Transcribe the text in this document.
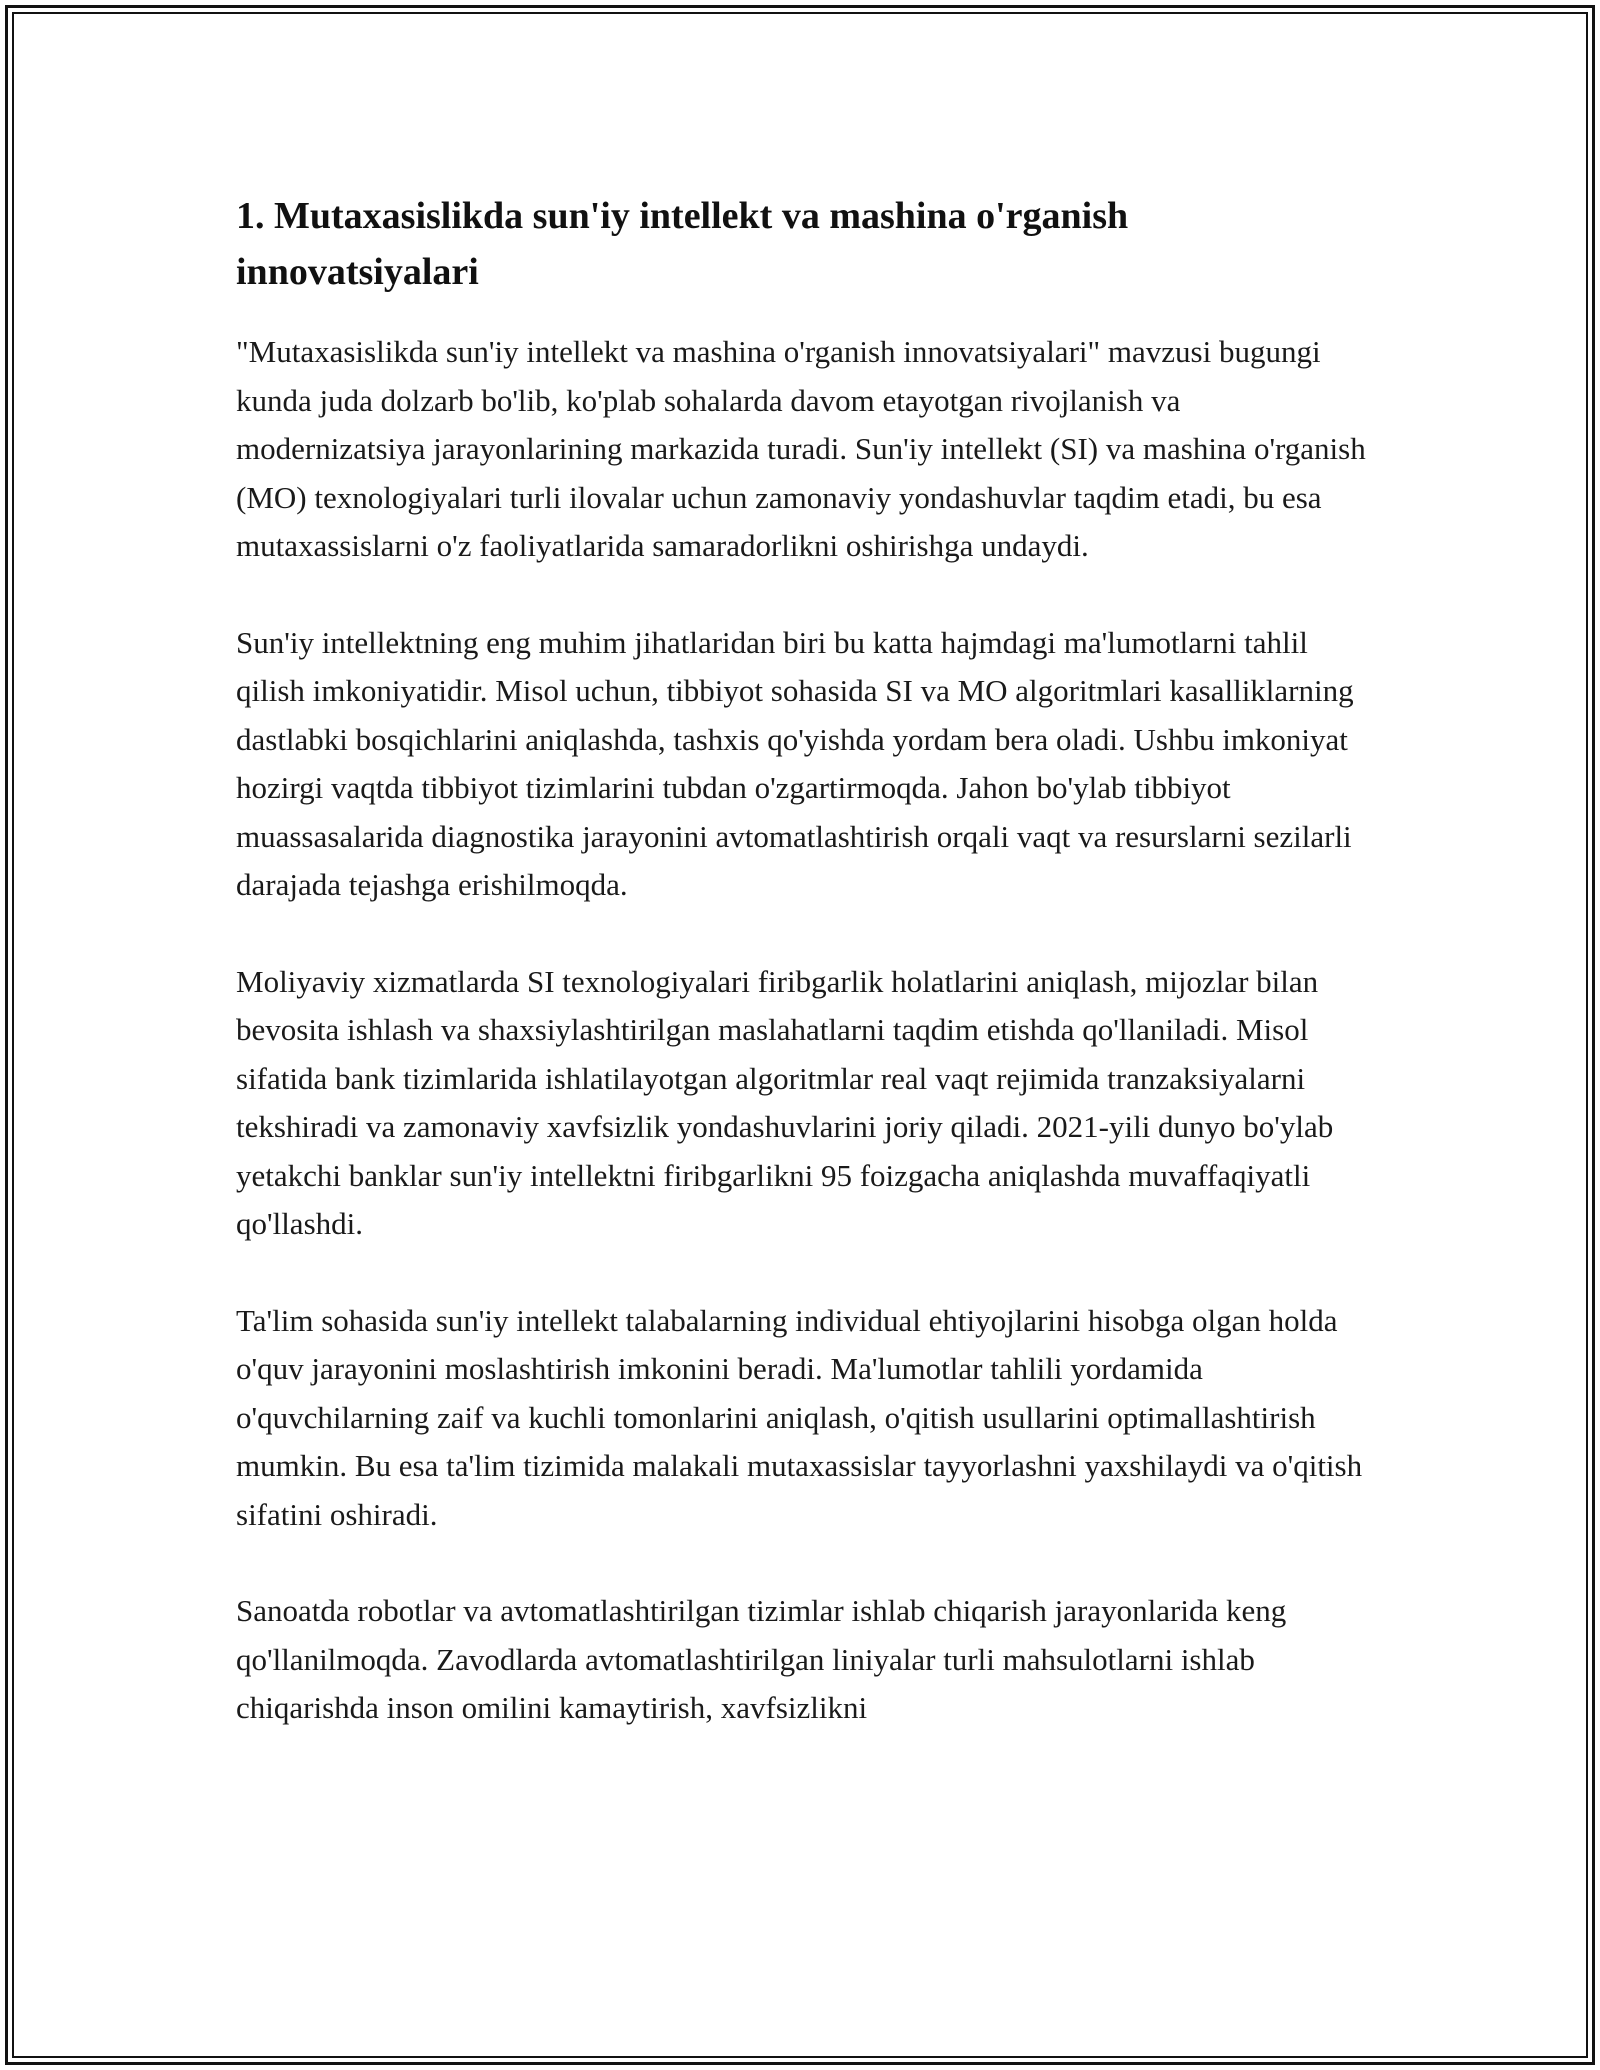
1. Mutaxasislikda sun'iy intellekt va mashina o'rganish innovatsiyalari

"Mutaxasislikda sun'iy intellekt va mashina o'rganish innovatsiyalari" mavzusi bugungi kunda juda dolzarb bo'lib, ko'plab sohalarda davom etayotgan rivojlanish va modernizatsiya jarayonlarining markazida turadi. Sun'iy intellekt (SI) va mashina o'rganish (MO) texnologiyalari turli ilovalar uchun zamonaviy yondashuvlar taqdim etadi, bu esa mutaxassislarni o'z faoliyatlarida samaradorlikni oshirishga undaydi.

Sun'iy intellektning eng muhim jihatlaridan biri bu katta hajmdagi ma'lumotlarni tahlil qilish imkoniyatidir. Misol uchun, tibbiyot sohasida SI va MO algoritmlari kasalliklarning dastlabki bosqichlarini aniqlashda, tashxis qo'yishda yordam bera oladi. Ushbu imkoniyat hozirgi vaqtda tibbiyot tizimlarini tubdan o'zgartirmoqda. Jahon bo'ylab tibbiyot muassasalarida diagnostika jarayonini avtomatlashtirish orqali vaqt va resurslarni sezilarli darajada tejashga erishilmoqda.

Moliyaviy xizmatlarda SI texnologiyalari firibgarlik holatlarini aniqlash, mijozlar bilan bevosita ishlash va shaxsiylashtirilgan maslahatlarni taqdim etishda qo'llaniladi. Misol sifatida bank tizimlarida ishlatilayotgan algoritmlar real vaqt rejimida tranzaksiyalarni tekshiradi va zamonaviy xavfsizlik yondashuvlarini joriy qiladi. 2021-yili dunyo bo'ylab yetakchi banklar sun'iy intellektni firibgarlikni 95 foizgacha aniqlashda muvaffaqiyatli qo'llashdi.

Ta'lim sohasida sun'iy intellekt talabalarning individual ehtiyojlarini hisobga olgan holda o'quv jarayonini moslashtirish imkonini beradi. Ma'lumotlar tahlili yordamida o'quvchilarning zaif va kuchli tomonlarini aniqlash, o'qitish usullarini optimallashtirish mumkin. Bu esa ta'lim tizimida malakali mutaxassislar tayyorlashni yaxshilaydi va o'qitish sifatini oshiradi.

Sanoatda robotlar va avtomatlashtirilgan tizimlar ishlab chiqarish jarayonlarida keng qo'llanilmoqda. Zavodlarda avtomatlashtirilgan liniyalar turli mahsulotlarni ishlab chiqarishda inson omilini kamaytirish, xavfsizlikni
